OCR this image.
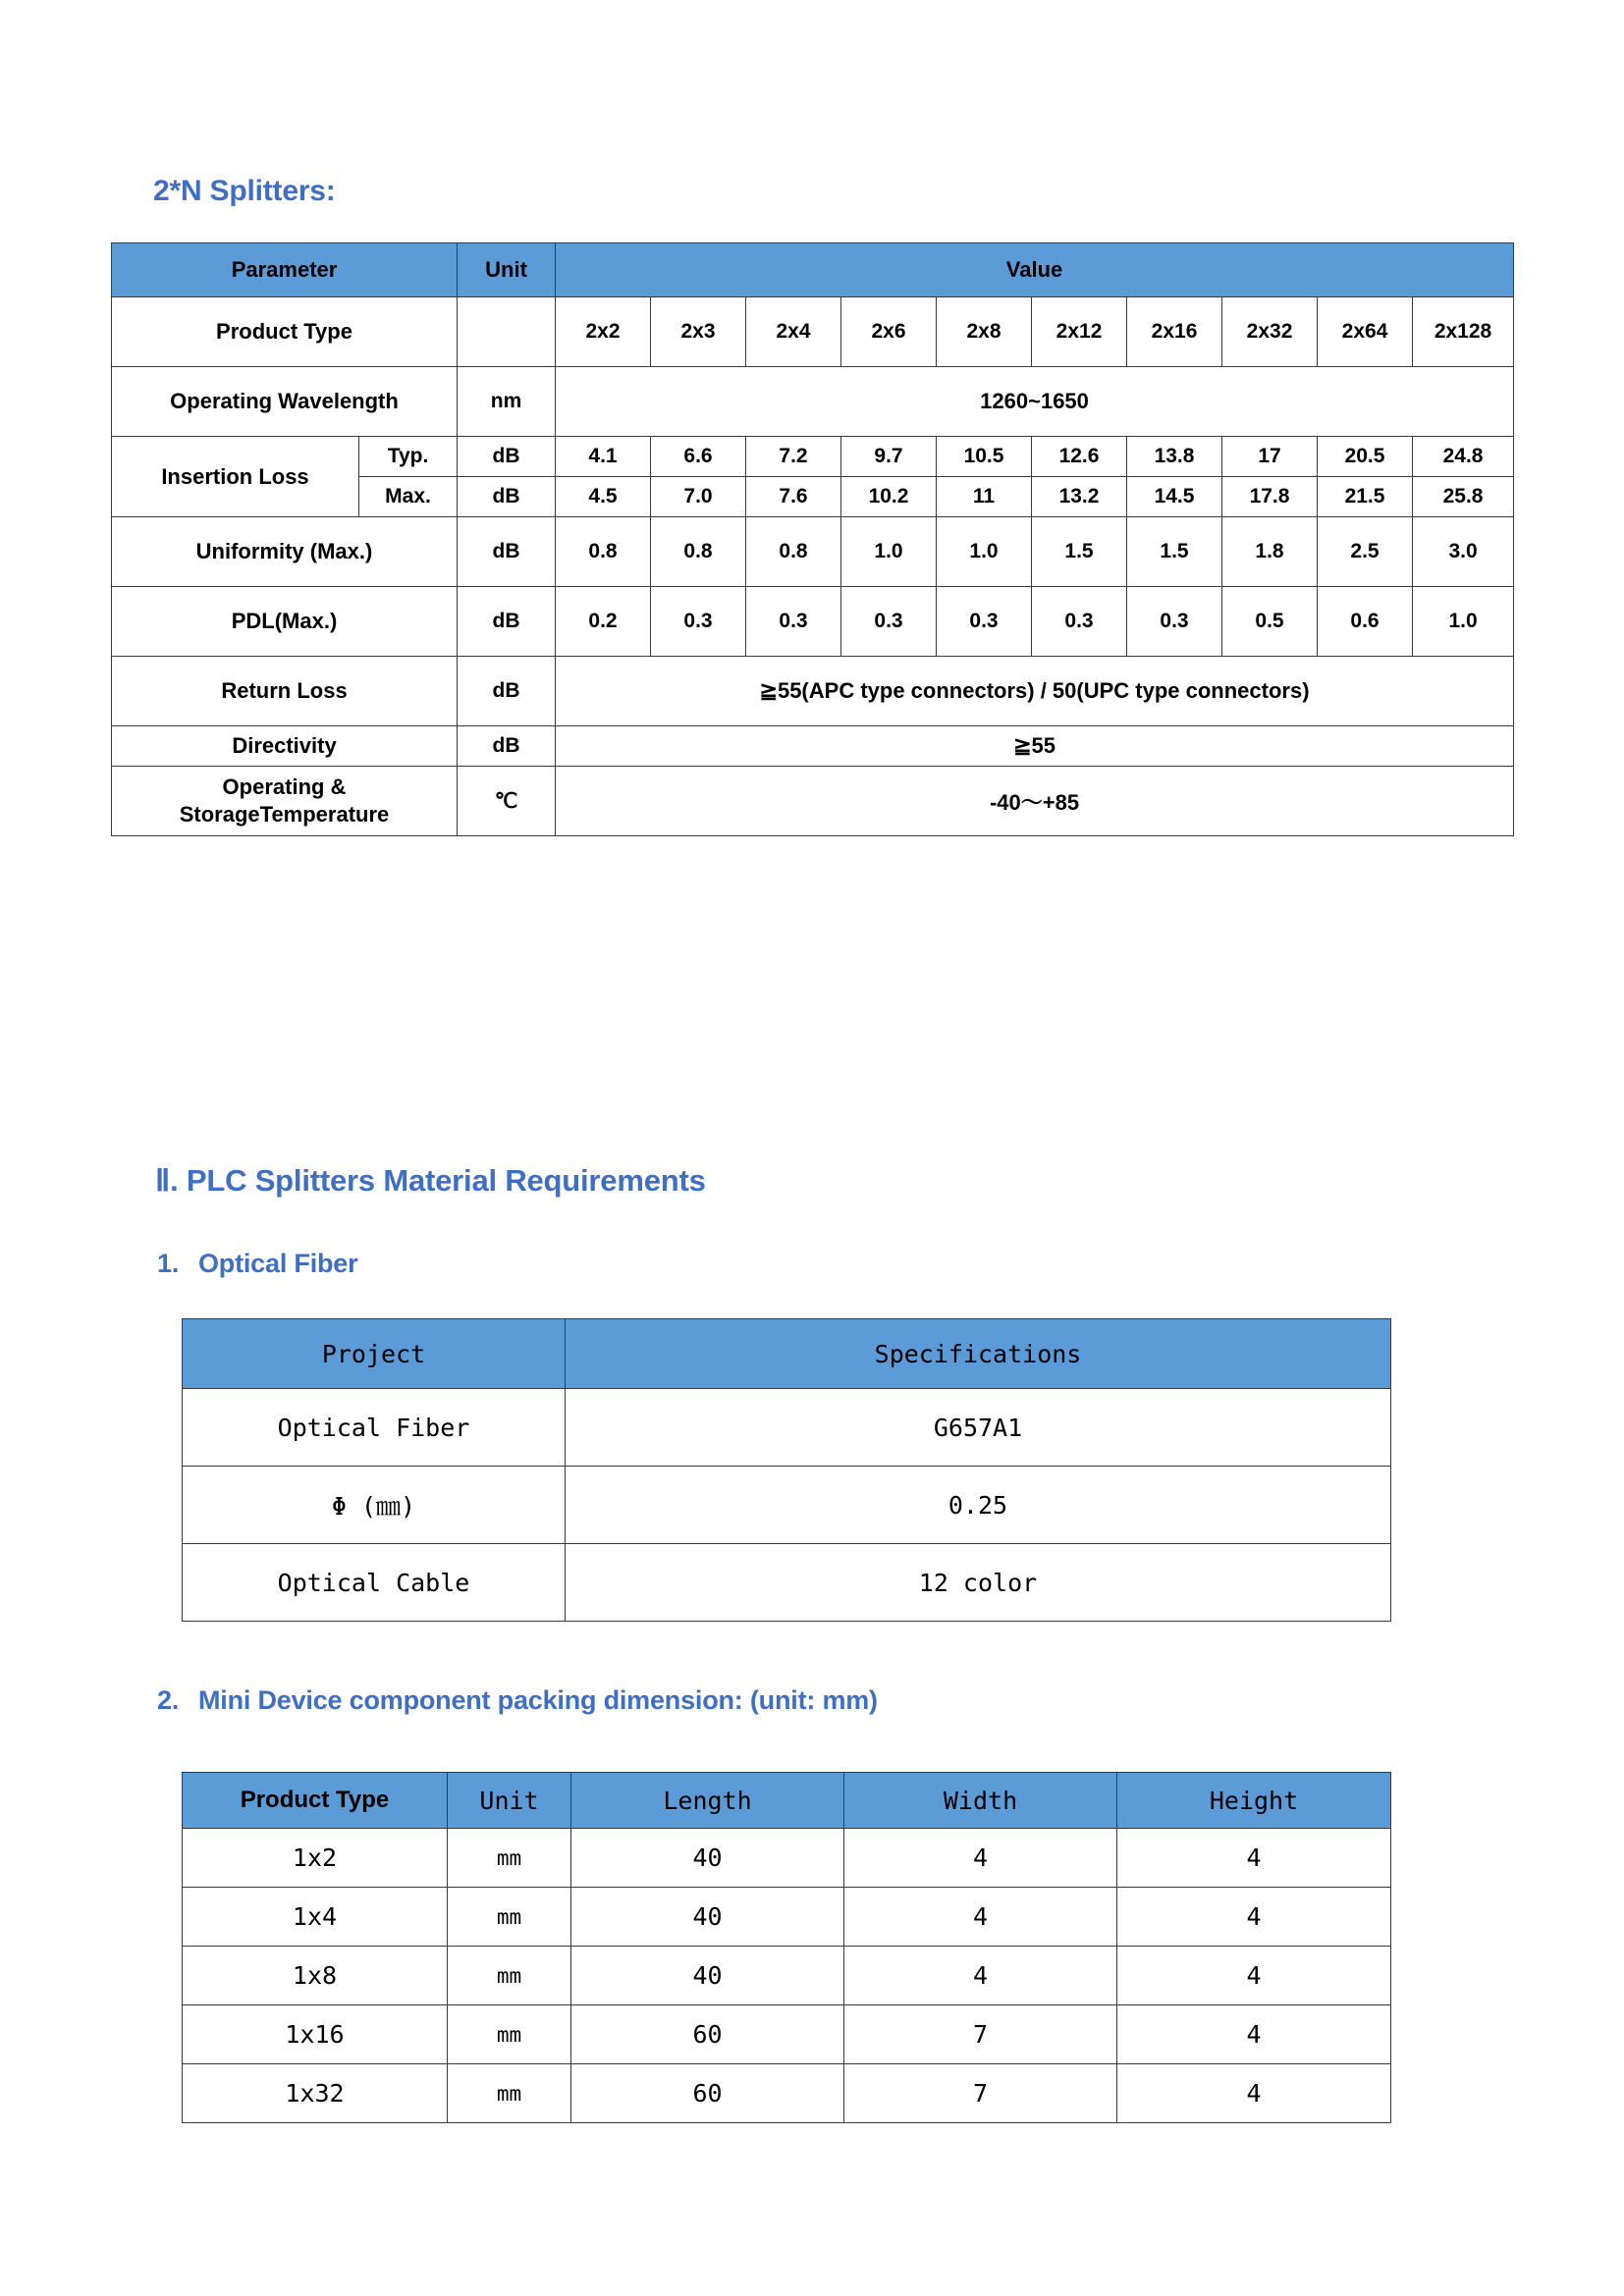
2*N Splitters:
Parameter		Unit	Value									
Product Type			2x2	2x3	2x4	2x6	2x8	2x12	2x16	2x32	2x64	2x128
Operating Wavelength		nm	1260~1650									
Insertion Loss	Typ.	dB	4.1	6.6	7.2	9.7	10.5	12.6	13.8	17	20.5	24.8
	Max.	dB	4.5	7.0	7.6	10.2	11	13.2	14.5	17.8	21.5	25.8
Uniformity (Max.)		dB	0.8	0.8	0.8	1.0	1.0	1.5	1.5	1.8	2.5	3.0
PDL(Max.)		dB	0.2	0.3	0.3	0.3	0.3	0.3	0.3	0.5	0.6	1.0
Return Loss		dB	≧55(APC type connectors) / 50(UPC type connectors)									
Directivity		dB	≧55									

Operating &
StorageTemperature		℃	-40～+85									
Ⅱ. PLC Splitters Material Requirements
1. Optical Fiber
Project	Specifications
Optical Fiber	G657A1
Φ (㎜)	0.25
Optical Cable	12 color
2. Mini Device component packing dimension: (unit: mm)
Product Type	Unit	Length	Width	Height
1x2	mm	40	4	4
1x4	mm	40	4	4
1x8	mm	40	4	4
1x16	mm	60	7	4
1x32	mm	60	7	4
